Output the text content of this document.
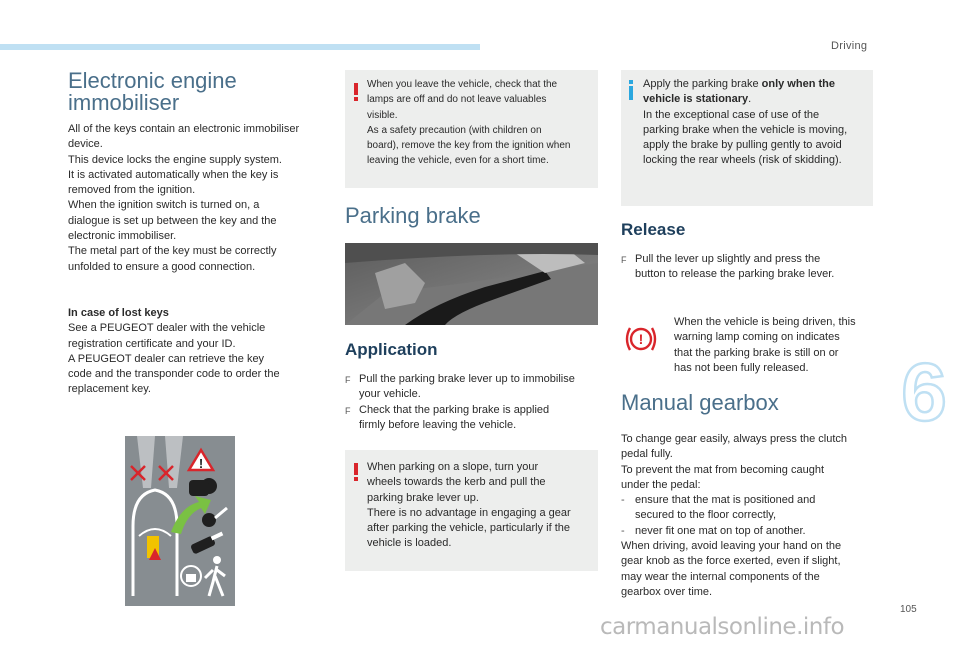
Driving
6
105
carmanualsonline.info
Electronic engine
immobiliser
All of the keys contain an electronic immobiliser
device.
This device locks the engine supply system.
It is activated automatically when the key is
removed from the ignition.
When the ignition switch is turned on, a
dialogue is set up between the key and the
electronic immobiliser.
The metal part of the key must be correctly
unfolded to ensure a good connection.
In case of lost keys
See a PEUGEOT dealer with the vehicle
registration certificate and your ID.
A PEUGEOT dealer can retrieve the key
code and the transponder code to order the
replacement key.
!
When you leave the vehicle, check that the
lamps are off and do not leave valuables
visible.
As a safety precaution (with children on
board), remove the key from the ignition when
leaving the vehicle, even for a short time.
Parking brake
Application
F Pull the parking brake lever up to immobilise
your vehicle.
F Check that the parking brake is applied
firmly before leaving the vehicle.
When parking on a slope, turn your
wheels towards the kerb and pull the
parking brake lever up.
There is no advantage in engaging a gear
after parking the vehicle, particularly if the
vehicle is loaded.
Apply the parking brake only when the
vehicle is stationary.
In the exceptional case of use of the
parking brake when the vehicle is moving,
apply the brake by pulling gently to avoid
locking the rear wheels (risk of skidding).
Release
F Pull the lever up slightly and press the
button to release the parking brake lever.
!
When the vehicle is being driven, this
warning lamp coming on indicates
that the parking brake is still on or
has not been fully released.
Manual gearbox
To change gear easily, always press the clutch
pedal fully.
To prevent the mat from becoming caught
under the pedal:
- ensure that the mat is positioned and
secured to the floor correctly,
- never fit one mat on top of another.
When driving, avoid leaving your hand on the
gear knob as the force exerted, even if slight,
may wear the internal components of the
gearbox over time.
